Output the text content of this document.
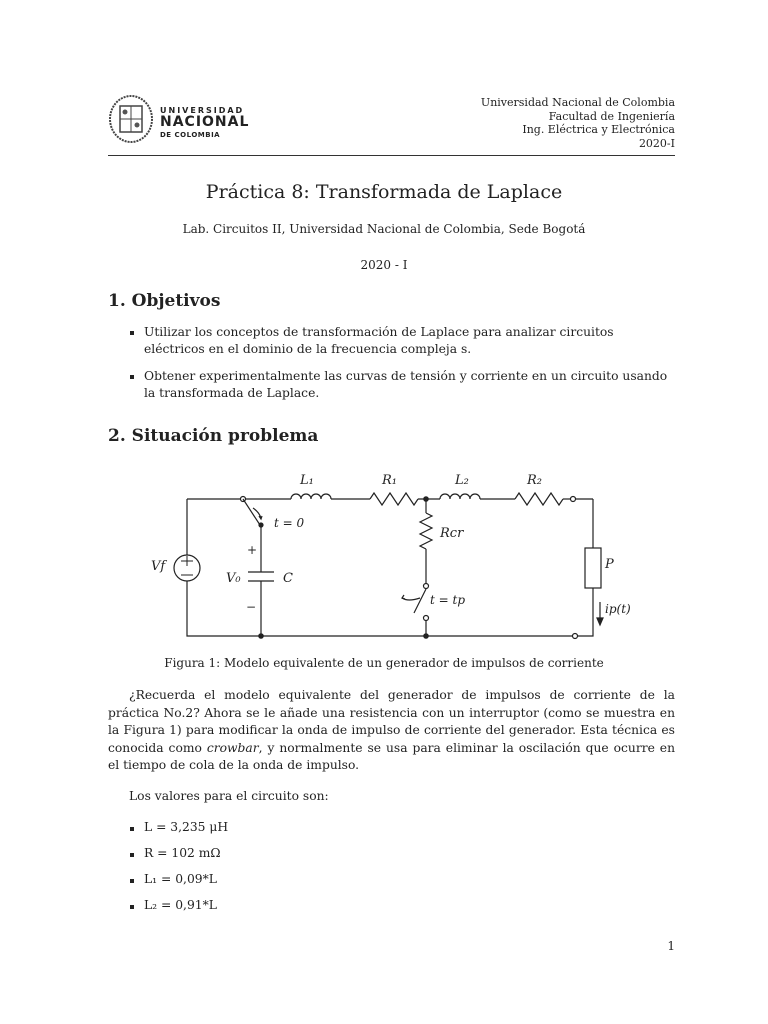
UNIVERSIDAD
NACIONAL
DE COLOMBIA
Universidad Nacional de Colombia
Facultad de Ingeniería
Ing. Eléctrica y Electrónica
2020-I
Práctica 8: Transformada de Laplace
Lab. Circuitos II, Universidad Nacional de Colombia, Sede Bogotá
2020 - I
1. Objetivos
Utilizar los conceptos de transformación de Laplace para analizar circuitos eléctricos en el dominio de la frecuencia compleja s.
Obtener experimentalmente las curvas de tensión y corriente en un circuito usando la transformada de Laplace.
2. Situación problema
L₁	R₁	L₂	R₂
Rcr
Vf
V₀	C
P
t = 0
t = tp
ip(t)
+
−
Figura 1: Modelo equivalente de un generador de impulsos de corriente
¿Recuerda el modelo equivalente del generador de impulsos de corriente de la práctica No.2? Ahora se le añade una resistencia con un interruptor (como se muestra en la Figura 1) para modificar la onda de impulso de corriente del generador. Esta técnica es conocida como crowbar, y normalmente se usa para eliminar la oscilación que ocurre en el tiempo de cola de la onda de impulso.
Los valores para el circuito son:
L = 3,235 μH
R = 102 mΩ
L₁ = 0,09*L
L₂ = 0,91*L
1
